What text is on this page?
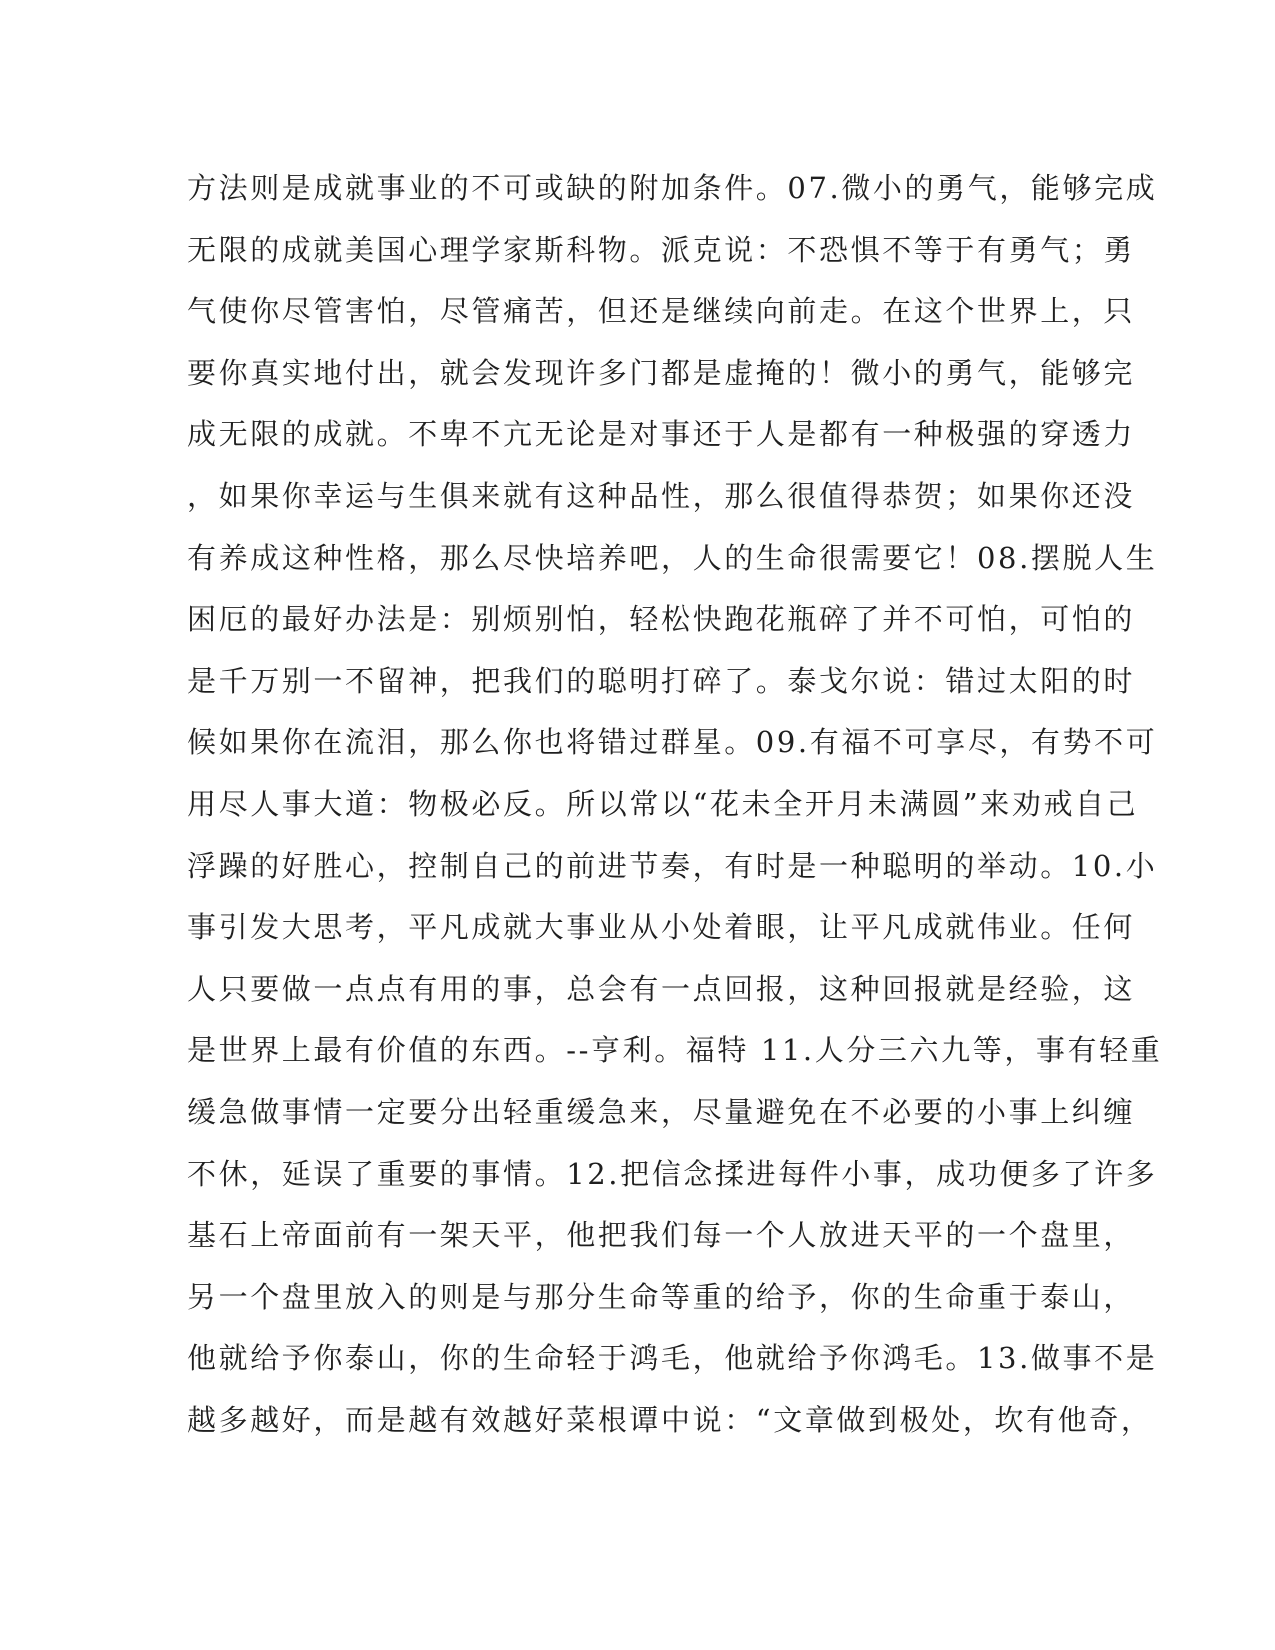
方法则是成就事业的不可或缺的附加条件。07.微小的勇气，能够完成
无限的成就美国心理学家斯科物。派克说：不恐惧不等于有勇气；勇
气使你尽管害怕，尽管痛苦，但还是继续向前走。在这个世界上，只
要你真实地付出，就会发现许多门都是虚掩的！微小的勇气，能够完
成无限的成就。不卑不亢无论是对事还于人是都有一种极强的穿透力
，如果你幸运与生俱来就有这种品性，那么很值得恭贺；如果你还没
有养成这种性格，那么尽快培养吧，人的生命很需要它！08.摆脱人生
困厄的最好办法是：别烦别怕，轻松快跑花瓶碎了并不可怕，可怕的
是千万别一不留神，把我们的聪明打碎了。泰戈尔说：错过太阳的时
候如果你在流泪，那么你也将错过群星。09.有福不可享尽，有势不可
用尽人事大道：物极必反。所以常以“花未全开月未满圆”来劝戒自己
浮躁的好胜心，控制自己的前进节奏，有时是一种聪明的举动。10.小
事引发大思考，平凡成就大事业从小处着眼，让平凡成就伟业。任何
人只要做一点点有用的事，总会有一点回报，这种回报就是经验，这
是世界上最有价值的东西。--亨利。福特 11.人分三六九等，事有轻重
缓急做事情一定要分出轻重缓急来，尽量避免在不必要的小事上纠缠
不休，延误了重要的事情。12.把信念揉进每件小事，成功便多了许多
基石上帝面前有一架天平，他把我们每一个人放进天平的一个盘里，
另一个盘里放入的则是与那分生命等重的给予，你的生命重于泰山，
他就给予你泰山，你的生命轻于鸿毛，他就给予你鸿毛。13.做事不是
越多越好，而是越有效越好菜根谭中说：“文章做到极处，坎有他奇，
